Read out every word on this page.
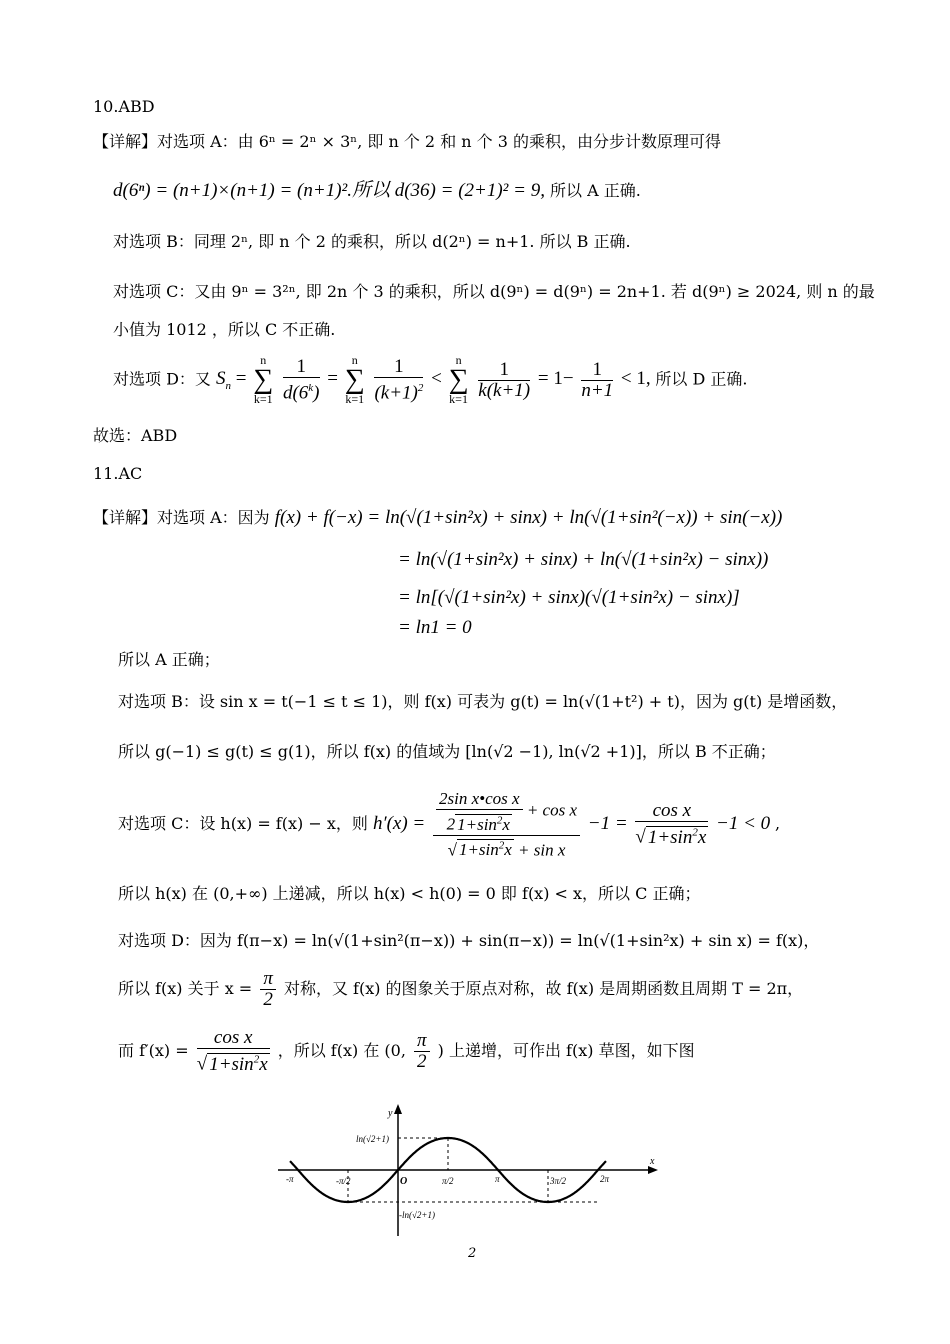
10.ABD
【详解】对选项 A：由 6ⁿ = 2ⁿ × 3ⁿ, 即 n 个 2 和 n 个 3 的乘积，由分步计数原理可得
d(6ⁿ) = (n+1)×(n+1) = (n+1)².所以 d(36) = (2+1)² = 9, 所以 A 正确.
对选项 B：同理 2ⁿ, 即 n 个 2 的乘积，所以 d(2ⁿ) = n+1. 所以 B 正确.
对选项 C：又由 9ⁿ = 3²ⁿ, 即 2n 个 3 的乘积，所以 d(9ⁿ) = d(9ⁿ) = 2n+1. 若 d(9ⁿ) ≥ 2024, 则 n 的最
小值为 1012 ，所以 C 不正确.
对选项 D：又 $S_n = n$
∑
$k=1 \frac{1}{d(6^k)} = n$
∑
$k=1 \frac{1}{(k+1)^2} < n$
∑
$k=1 \frac{1}{k(k+1)} = 1- \frac{1}{n+1} < 1$, 所以 D 正确.
故选：ABD
11.AC
【详解】对选项 A：因为 f(x) + f(−x) = ln(√(1+sin²x) + sinx) + ln(√(1+sin²(−x)) + sin(−x))
= ln(√(1+sin²x) + sinx) + ln(√(1+sin²x) − sinx))
= ln[(√(1+sin²x) + sinx)(√(1+sin²x) − sinx)]
= ln1 = 0
所以 A 正确；
对选项 B：设 sin x = t(−1 ≤ t ≤ 1)，则 f(x) 可表为 g(t) = ln(√(1+t²) + t)，因为 g(t) 是增函数，
所以 g(−1) ≤ g(t) ≤ g(1)，所以 f(x) 的值域为 [ln(√2 −1), ln(√2 +1)]，所以 B 不正确；
对选项 C：设 h(x) = f(x) − x，则 $h'(x) = \frac{\frac{\text{2sin x•cos x}}{2 1+\sin^2x} + \cos x}{√ 1+\sin^2x + \sin x} -1 = \frac{\text{cos x}}{√ 1+\sin^2x} -1 < 0$ ,
所以 h(x) 在 (0,+∞) 上递减，所以 h(x) < h(0) = 0 即 f(x) < x，所以 C 正确；
对选项 D：因为 f(π−x) = ln(√(1+sin²(π−x)) + sin(π−x)) = ln(√(1+sin²x) + sin x) = f(x)，
所以 f(x) 关于 $x = \frac{\pi}{2}$ 对称，又 f(x) 的图象关于原点对称，故 f(x) 是周期函数且周期 T = 2π，
而 $f'(x) = \frac{\text{cos x}}{√ 1+\sin^2x}$ ，所以 f(x) 在 (0, $\frac{\pi}{2}$ ) 上递增，可作出 f(x) 草图，如下图
y
x
O
ln(√2+1)
-ln(√2+1)
-π	-π/2	π/2	π	3π/2	2π
2
